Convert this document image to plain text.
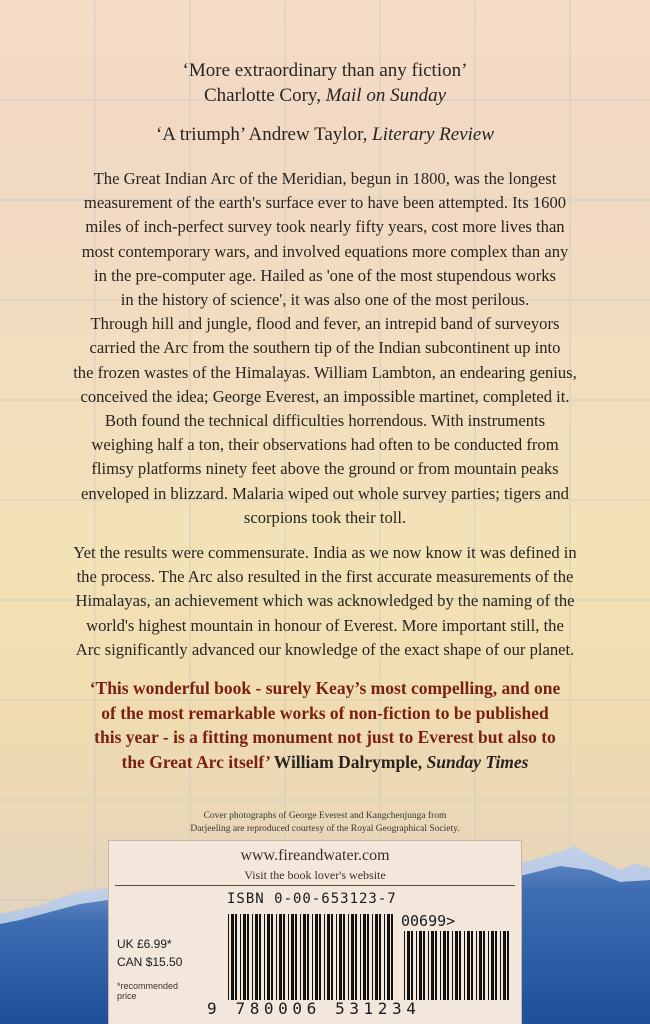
‘More extraordinary than any fiction’
Charlotte Cory, Mail on Sunday
‘A triumph’ Andrew Taylor, Literary Review
The Great Indian Arc of the Meridian, begun in 1800, was the longest
measurement of the earth's surface ever to have been attempted. Its 1600
miles of inch-perfect survey took nearly fifty years, cost more lives than
most contemporary wars, and involved equations more complex than any
in the pre-computer age. Hailed as 'one of the most stupendous works
in the history of science', it was also one of the most perilous.
Through hill and jungle, flood and fever, an intrepid band of surveyors
carried the Arc from the southern tip of the Indian subcontinent up into
the frozen wastes of the Himalayas. William Lambton, an endearing genius,
conceived the idea; George Everest, an impossible martinet, completed it.
Both found the technical difficulties horrendous. With instruments
weighing half a ton, their observations had often to be conducted from
flimsy platforms ninety feet above the ground or from mountain peaks
enveloped in blizzard. Malaria wiped out whole survey parties; tigers and
scorpions took their toll.
Yet the results were commensurate. India as we now know it was defined in
the process. The Arc also resulted in the first accurate measurements of the
Himalayas, an achievement which was acknowledged by the naming of the
world's highest mountain in honour of Everest. More important still, the
Arc significantly advanced our knowledge of the exact shape of our planet.
‘This wonderful book - surely Keay’s most compelling, and one
of the most remarkable works of non-fiction to be published
this year - is a fitting monument not just to Everest but also to
the Great Arc itself’ William Dalrymple, Sunday Times
Cover photographs of George Everest and Kangchenjunga from
Darjeeling are reproduced courtesy of the Royal Geographical Society.
www.fireandwater.com
Visit the book lover's website
ISBN 0-00-653123-7
UK £6.99*
CAN $15.50
*recommended
price
00699>
9 780006 531234
